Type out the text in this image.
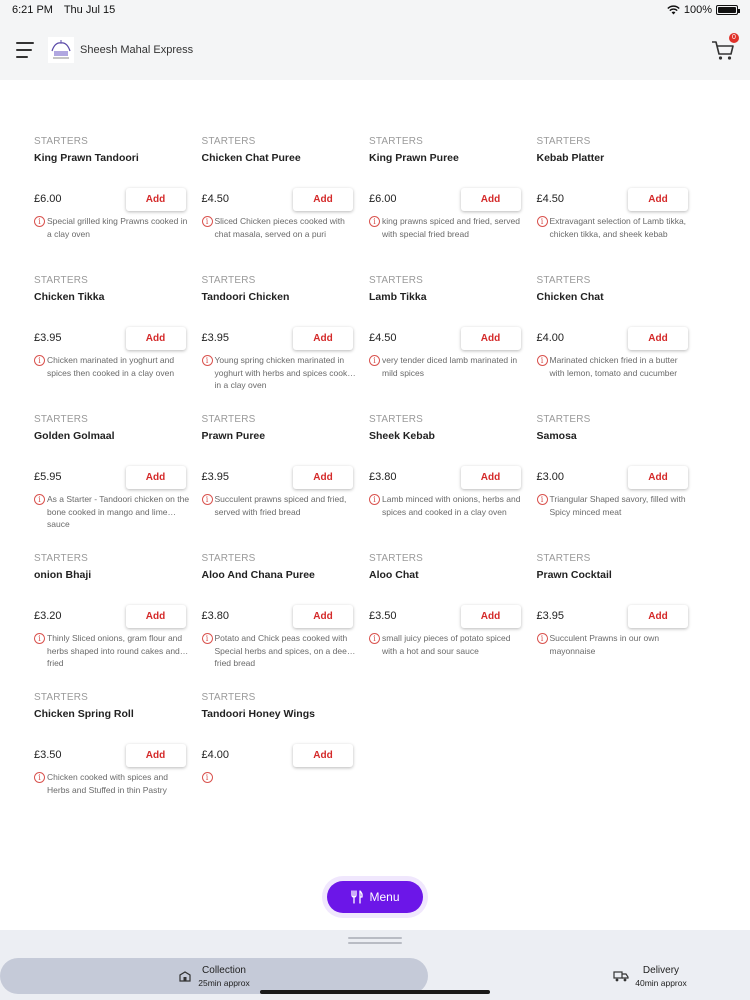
6:21 PM Thu Jul 15	100%
Sheesh Mahal Express
0
STARTERS
King Prawn Tandoori
£6.00	Add
i Special grilled king Prawns cooked in a clay oven
STARTERS
Chicken Chat Puree
£4.50	Add
i Sliced Chicken pieces cooked with chat masala, served on a puri
STARTERS
King Prawn Puree
£6.00	Add
i king prawns spiced and fried, served with special fried bread
STARTERS
Kebab Platter
£4.50	Add
i Extravagant selection of Lamb tikka, chicken tikka, and sheek kebab
STARTERS
Chicken Tikka
£3.95	Add
i Chicken marinated in yoghurt and spices then cooked in a clay oven
STARTERS
Tandoori Chicken
£3.95	Add
i Young spring chicken marinated in yoghurt with herbs and spices cooked in a clay oven
STARTERS
Lamb Tikka
£4.50	Add
i very tender diced lamb marinated in mild spices
STARTERS
Chicken Chat
£4.00	Add
i Marinated chicken fried in a butter with lemon, tomato and cucumber
STARTERS
Golden Golmaal
£5.95	Add
i As a Starter - Tandoori chicken on the bone cooked in mango and lime sauce
STARTERS
Prawn Puree
£3.95	Add
i Succulent prawns spiced and fried, served with fried bread
STARTERS
Sheek Kebab
£3.80	Add
i Lamb minced with onions, herbs and spices and cooked in a clay oven
STARTERS
Samosa
£3.00	Add
i Triangular Shaped savory, filled with Spicy minced meat
STARTERS
onion Bhaji
£3.20	Add
i Thinly Sliced onions, gram flour and herbs shaped into round cakes and fried
STARTERS
Aloo And Chana Puree
£3.80	Add
i Potato and Chick peas cooked with Special herbs and spices, on a deep fried bread
STARTERS
Aloo Chat
£3.50	Add
i small juicy pieces of potato spiced with a hot and sour sauce
STARTERS
Prawn Cocktail
£3.95	Add
i Succulent Prawns in our own mayonnaise
STARTERS
Chicken Spring Roll
£3.50	Add
i Chicken cooked with spices and Herbs and Stuffed in thin Pastry
STARTERS
Tandoori Honey Wings
£4.00	Add
i
Menu
Collection
25min approx
Delivery
40min approx
